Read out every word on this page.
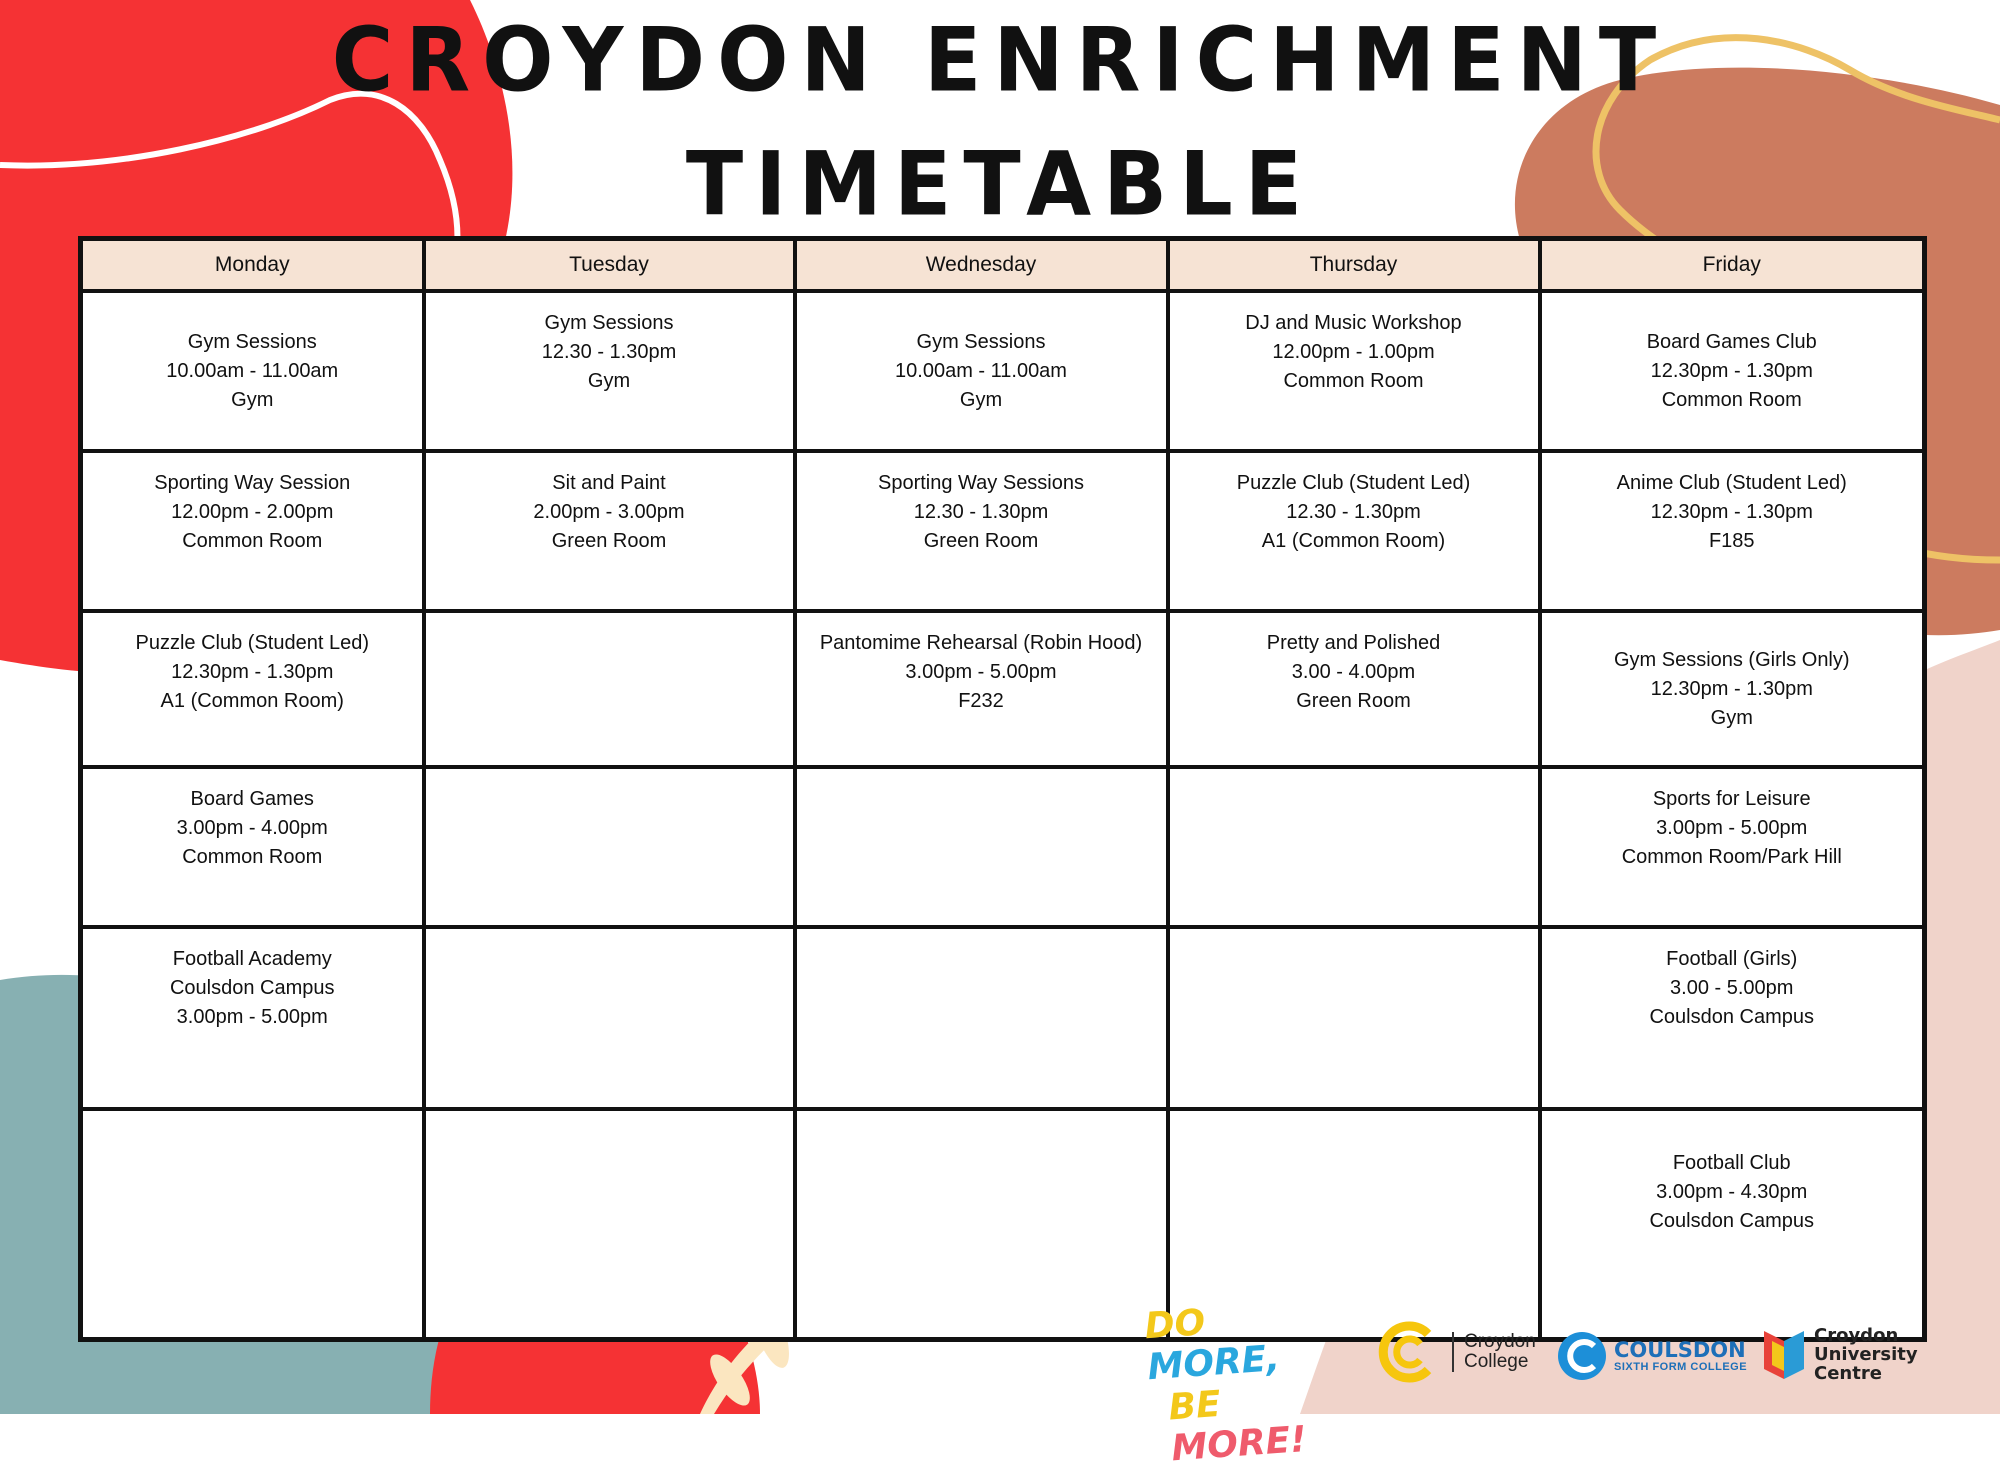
CROYDON ENRICHMENT
TIMETABLE
Monday	Tuesday	Wednesday	Thursday	Friday

Gym Sessions
10.00am - 11.00am
Gym	Gym Sessions
12.30 - 1.30pm
Gym	Gym Sessions
10.00am - 11.00am
Gym	DJ and Music Workshop
12.00pm - 1.00pm
Common Room	Board Games Club
12.30pm - 1.30pm
Common Room

Sporting Way Session
12.00pm - 2.00pm
Common Room	Sit and Paint
2.00pm - 3.00pm
Green Room	Sporting Way Sessions
12.30 - 1.30pm
Green Room	Puzzle Club (Student Led)
12.30 - 1.30pm
A1 (Common Room)	Anime Club (Student Led)
12.30pm - 1.30pm
F185

Puzzle Club (Student Led)
12.30pm - 1.30pm
A1 (Common Room)		Pantomime Rehearsal (Robin Hood)
3.00pm - 5.00pm
F232	Pretty and Polished
3.00 - 4.00pm
Green Room	Gym Sessions (Girls Only)
12.30pm - 1.30pm
Gym

Board Games
3.00pm - 4.00pm
Common Room				Sports for Leisure
3.00pm - 5.00pm
Common Room/Park Hill

Football Academy
Coulsdon Campus
3.00pm - 5.00pm				Football (Girls)
3.00 - 5.00pm
Coulsdon Campus

				Football Club
3.00pm - 4.30pm
Coulsdon Campus
DO MORE,
BE MORE!
Croydon
College	COULSDON
SIXTH FORM COLLEGE
Croydon
University
Centre
